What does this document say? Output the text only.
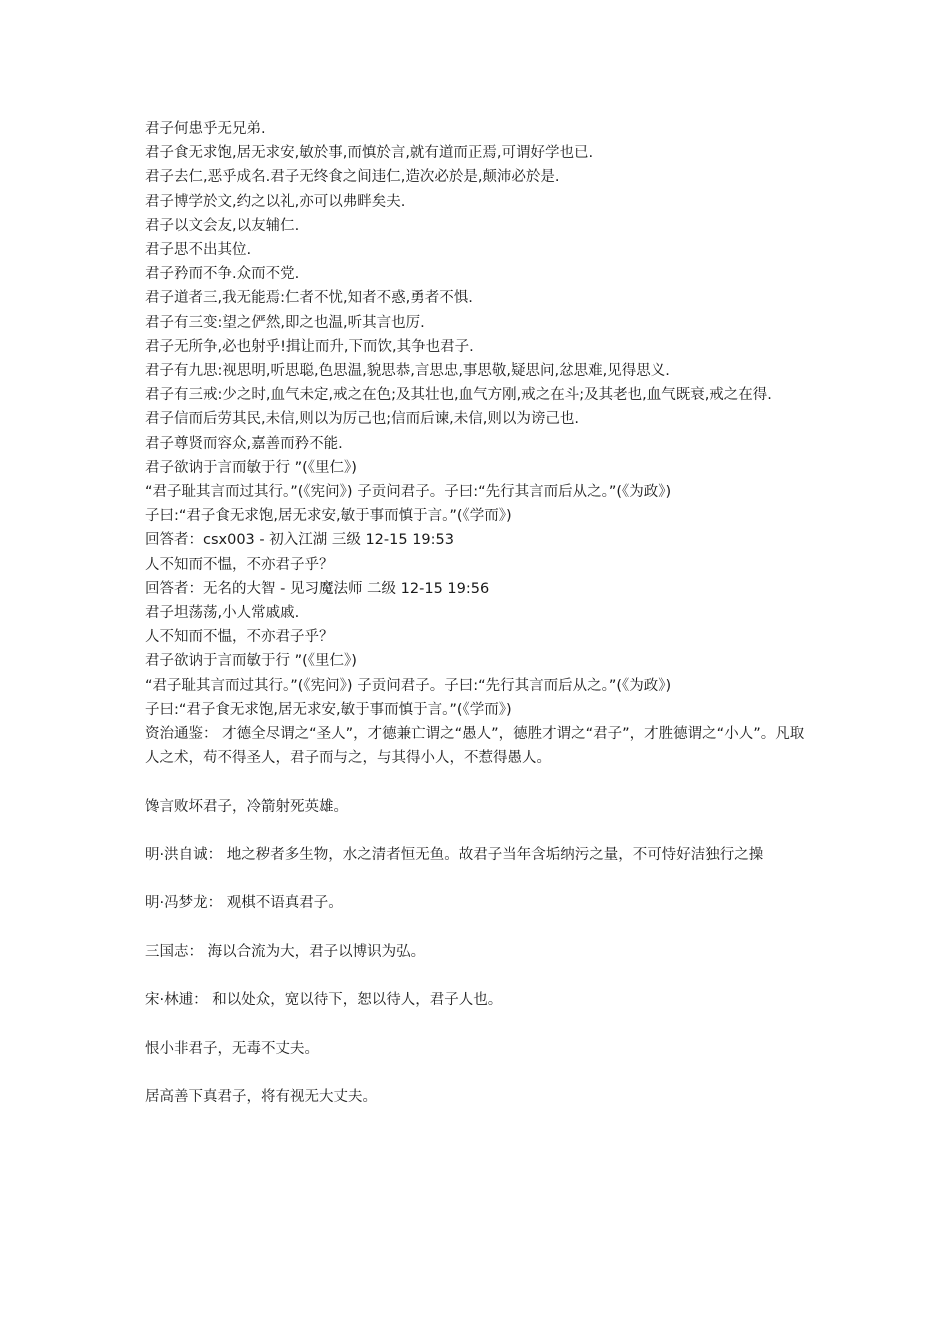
君子何患乎无兄弟.
君子食无求饱,居无求安,敏於事,而慎於言,就有道而正焉,可谓好学也已.
君子去仁,恶乎成名.君子无终食之间违仁,造次必於是,颠沛必於是.
君子博学於文,约之以礼,亦可以弗畔矣夫.
君子以文会友,以友辅仁.
君子思不出其位.
君子矜而不争.众而不党.
君子道者三,我无能焉:仁者不忧,知者不惑,勇者不惧.
君子有三变:望之俨然,即之也温,听其言也厉.
君子无所争,必也射乎!揖让而升,下而饮,其争也君子.
君子有九思:视思明,听思聪,色思温,貌思恭,言思忠,事思敬,疑思问,忿思难,见得思义.
君子有三戒:少之时,血气未定,戒之在色;及其壮也,血气方刚,戒之在斗;及其老也,血气既衰,戒之在得.
君子信而后劳其民,未信,则以为厉己也;信而后谏,未信,则以为谤己也.
君子尊贤而容众,嘉善而矜不能.
君子欲讷于言而敏于行 ”(《里仁》)
“君子耻其言而过其行。”(《宪问》) 子贡问君子。子曰:“先行其言而后从之。”(《为政》)
子曰:“君子食无求饱,居无求安,敏于事而慎于言。”(《学而》)
回答者：csx003 - 初入江湖 三级 12-15 19:53
人不知而不愠，不亦君子乎？
回答者：无名的大智 - 见习魔法师 二级 12-15 19:56
君子坦荡荡,小人常戚戚.
人不知而不愠，不亦君子乎？
君子欲讷于言而敏于行 ”(《里仁》)
“君子耻其言而过其行。”(《宪问》) 子贡问君子。子曰:“先行其言而后从之。”(《为政》)
子曰:“君子食无求饱,居无求安,敏于事而慎于言。”(《学而》)
资治通鉴： 才德全尽谓之“圣人”，才德兼亡谓之“愚人”，德胜才谓之“君子”，才胜德谓之“小人”。凡取人之术，苟不得圣人，君子而与之，与其得小人，不惹得愚人。
馋言败坏君子，冷箭射死英雄。
明·洪自诚： 地之秽者多生物，水之清者恒无鱼。故君子当年含垢纳污之量，不可恃好洁独行之操
明·冯梦龙： 观棋不语真君子。
三国志： 海以合流为大，君子以博识为弘。
宋·林逋： 和以处众，宽以待下，恕以待人，君子人也。
恨小非君子，无毒不丈夫。
居高善下真君子，将有视无大丈夫。
